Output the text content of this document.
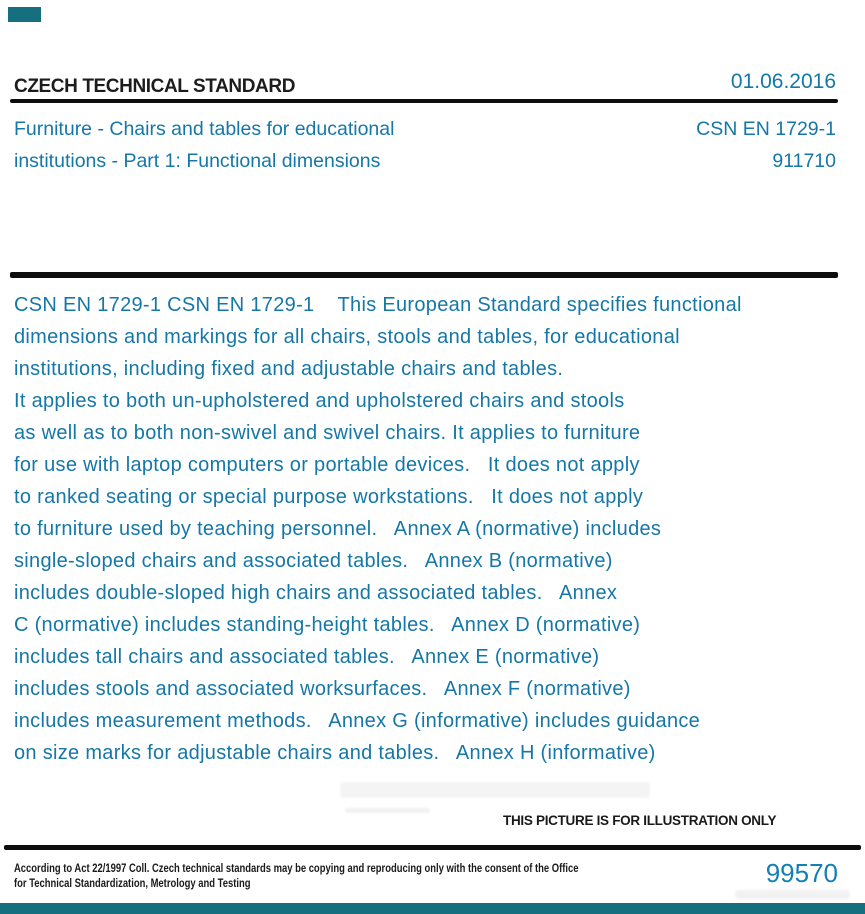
CZECH TECHNICAL STANDARD	01.06.2016
Furniture - Chairs and tables for educational
institutions - Part 1: Functional dimensions
CSN EN 1729-1
911710
CSN EN 1729-1 CSN EN 1729-1    This European Standard specifies functional
dimensions and markings for all chairs, stools and tables, for educational
institutions, including fixed and adjustable chairs and tables.
It applies to both un-upholstered and upholstered chairs and stools
as well as to both non-swivel and swivel chairs. It applies to furniture
for use with laptop computers or portable devices.   It does not apply
to ranked seating or special purpose workstations.   It does not apply
to furniture used by teaching personnel.   Annex A (normative) includes
single-sloped chairs and associated tables.   Annex B (normative)
includes double-sloped high chairs and associated tables.   Annex
C (normative) includes standing-height tables.   Annex D (normative)
includes tall chairs and associated tables.   Annex E (normative)
includes stools and associated worksurfaces.   Annex F (normative)
includes measurement methods.   Annex G (informative) includes guidance
on size marks for adjustable chairs and tables.   Annex H (informative)
THIS PICTURE IS FOR ILLUSTRATION ONLY
According to Act 22/1997 Coll. Czech technical standards may be copying and reproducing only with the consent of the Office
for Technical Standardization, Metrology and Testing	99570
